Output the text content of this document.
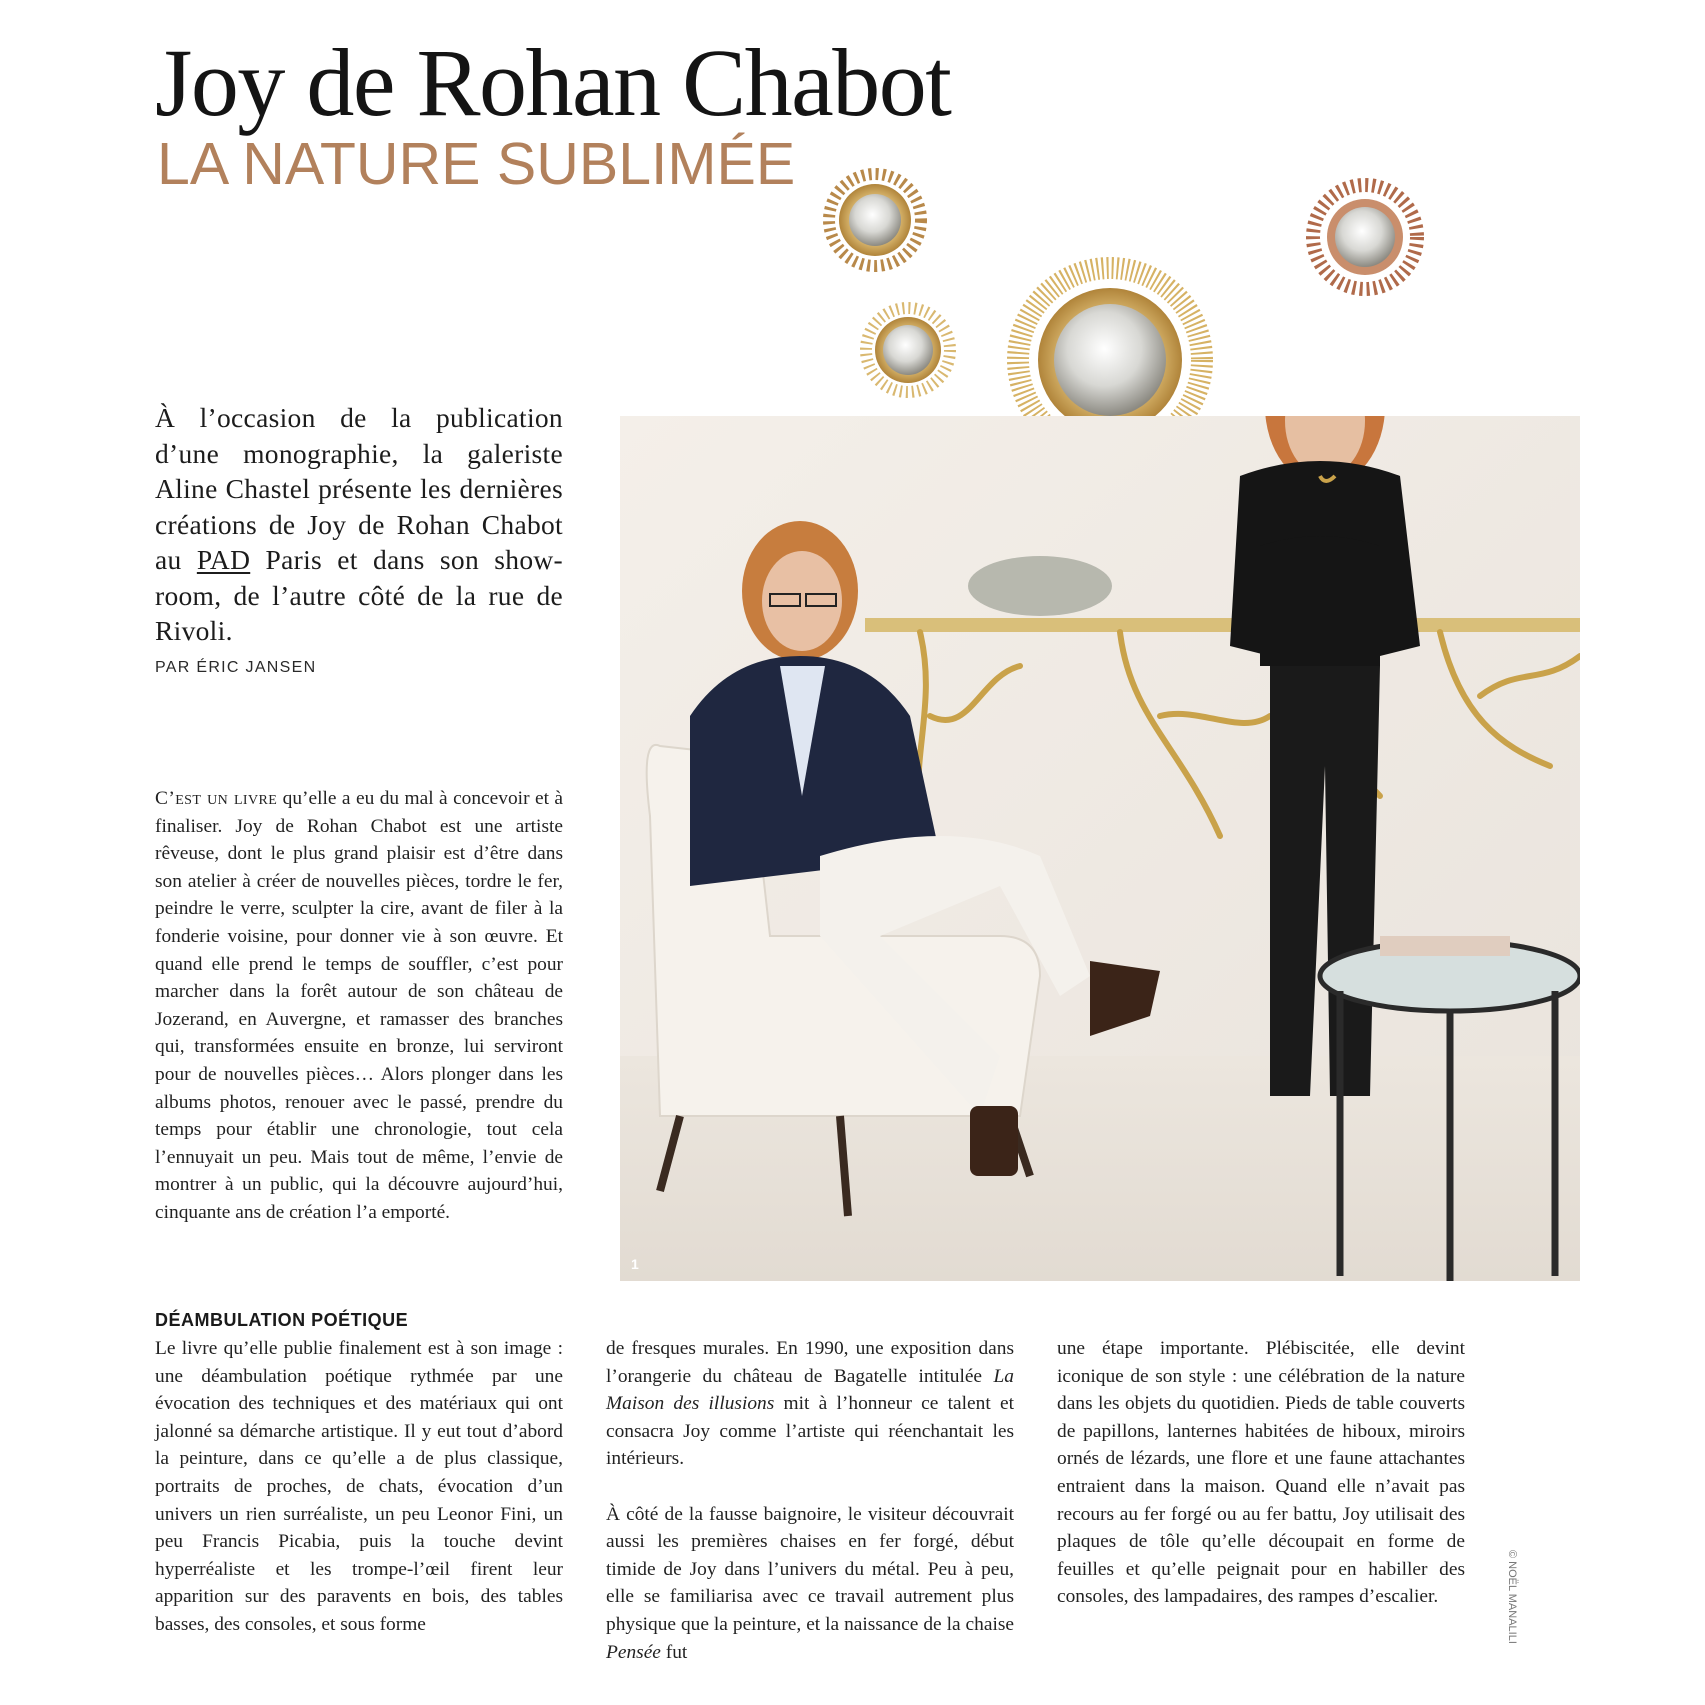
Joy de Rohan Chabot
LA NATURE SUBLIMÉE

À l’occasion de la publication d’une monographie, la galeriste Aline Chastel présente les dernières créations de Joy de Rohan Chabot au PAD Paris et dans son show-room, de l’autre côté de la rue de Rivoli.

PAR ÉRIC JANSEN

C’est un livre qu’elle a eu du mal à concevoir et à finaliser. Joy de Rohan Chabot est une artiste rêveuse, dont le plus grand plaisir est d’être dans son atelier à créer de nouvelles pièces, tordre le fer, peindre le verre, sculpter la cire, avant de filer à la fonderie voisine, pour donner vie à son œuvre. Et quand elle prend le temps de souffler, c’est pour marcher dans la forêt autour de son château de Jozerand, en Auvergne, et ramasser des branches qui, transformées ensuite en bronze, lui serviront pour de nouvelles pièces… Alors plonger dans les albums photos, renouer avec le passé, prendre du temps pour établir une chronologie, tout cela l’ennuyait un peu. Mais tout de même, l’envie de montrer à un public, qui la découvre aujourd’hui, cinquante ans de création l’a emporté.

1
DÉAMBULATION POÉTIQUE

Le livre qu’elle publie finalement est à son image : une déambulation poétique rythmée par une évocation des techniques et des matériaux qui ont jalonné sa démarche artistique. Il y eut tout d’abord la peinture, dans ce qu’elle a de plus classique, portraits de proches, de chats, évocation d’un univers un rien surréaliste, un peu Leonor Fini, un peu Francis Picabia, puis la touche devint hyperréaliste et les trompe-l’œil firent leur apparition sur des paravents en bois, des tables basses, des consoles, et sous forme

de fresques murales. En 1990, une exposition dans l’orangerie du château de Bagatelle intitulée La Maison des illusions mit à l’honneur ce talent et consacra Joy comme l’artiste qui réenchantait les intérieurs.

À côté de la fausse baignoire, le visiteur découvrait aussi les premières chaises en fer forgé, début timide de Joy dans l’univers du métal. Peu à peu, elle se familiarisa avec ce travail autrement plus physique que la peinture, et la naissance de la chaise Pensée fut

une étape importante. Plébiscitée, elle devint iconique de son style : une célébration de la nature dans les objets du quotidien. Pieds de table couverts de papillons, lanternes habitées de hiboux, miroirs ornés de lézards, une flore et une faune attachantes entraient dans la maison. Quand elle n’avait pas recours au fer forgé ou au fer battu, Joy utilisait des plaques de tôle qu’elle découpait en forme de feuilles et qu’elle peignait pour en habiller des consoles, des lampadaires, des rampes d’escalier.	© NOËL MANALILI
